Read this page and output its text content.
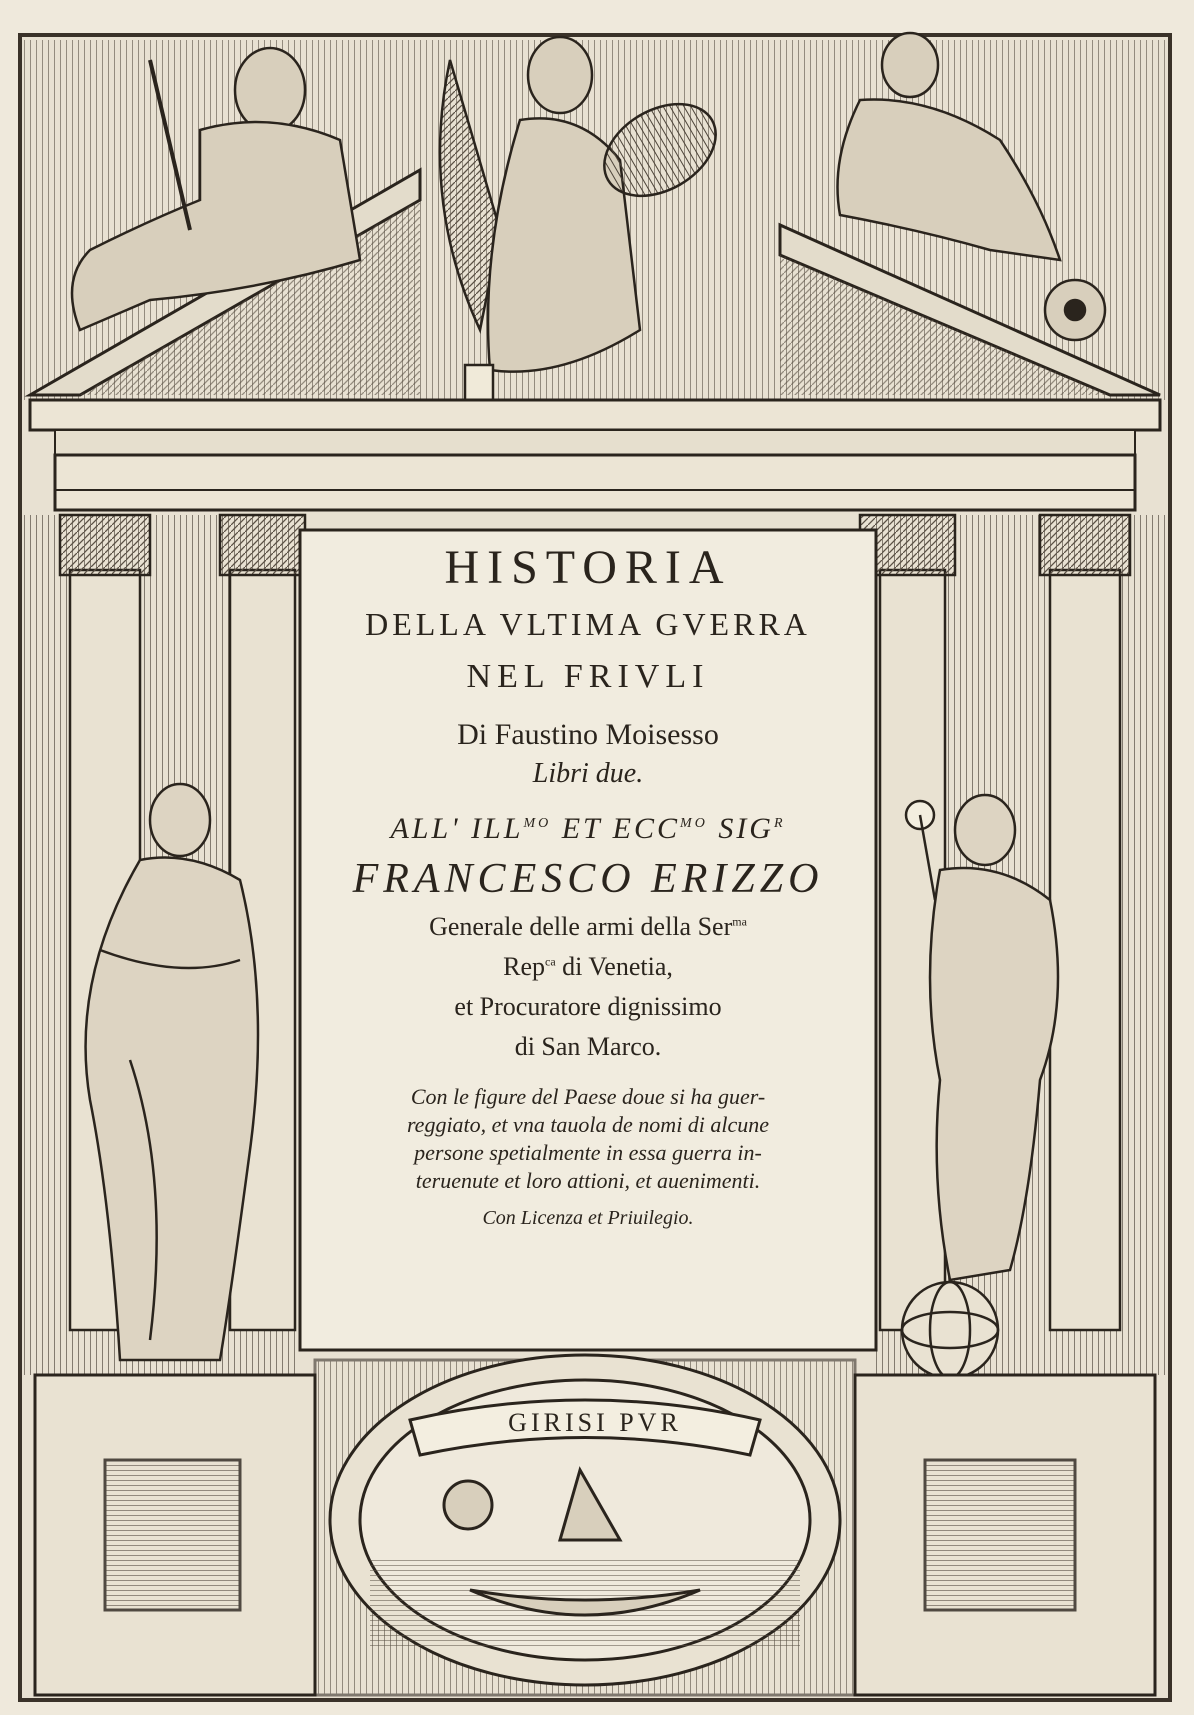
HISTORIA
DELLA VLTIMA GVERRA
NEL FRIVLI
Di Faustino Moisesso
Libri due.
ALL' $ILL^{MO}$ ET $ECC^{MO}$ $SIG^R$
FRANCESCO ERIZZO
Generale delle armi della Ser$^{ma}$
Rep$^{ca}$ di Venetia,
et Procuratore dignissimo
di San Marco.
Con le figure del Paese doue si ha guer-
reggiato, et vna tauola de nomi di alcune
persone spetialmente in essa guerra in-
teruenute et loro attioni, et auenimenti.
Con Licenza et Priuilegio.
GIRISI PVR
